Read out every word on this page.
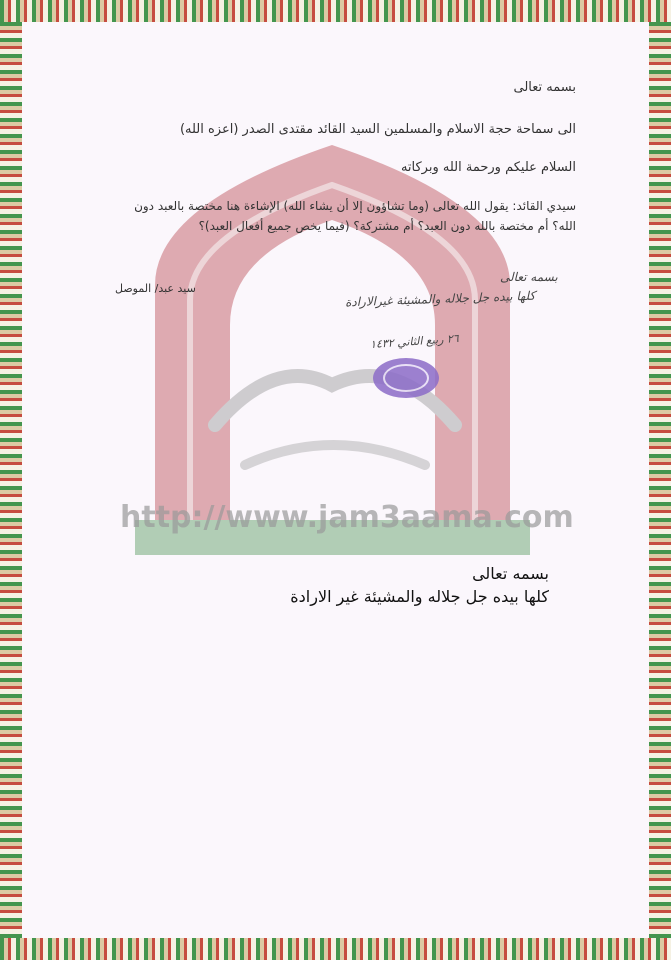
http://www.jam3aama.com
بسمه تعالى
الى سماحة حجة الاسلام والمسلمين السيد القائد مقتدى الصدر (اعزه الله)
السلام عليكم ورحمة الله وبركاته
سيدي القائد: يقول الله تعالى (وما تشاؤون إلا أن يشاء الله) الإشاءة هنا مختصة بالعبد دون الله؟ أم مختصة بالله دون العبد؟ أم مشتركة؟ (فيما يخص جميع أفعال العبد)؟
سيد عبد/ الموصل
بسمه تعالى
كلها بيده جل جلاله والمشيئة غيرالارادة
٢٦ ربيع الثاني ١٤٣٢
بسمه تعالى
كلها بيده جل جلاله والمشيئة غير الارادة
